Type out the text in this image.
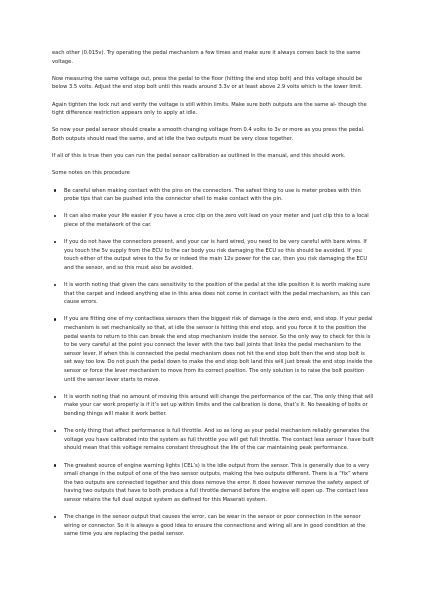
each other (0.015v). Try operating the pedal mechanism a few times and make sure it always comes back to the same voltage.

Now measuring the same voltage out, press the pedal to the floor (hitting the end stop bolt) and this voltage should be below 3.5 volts. Adjust the end stop bolt until this reads around 3.3v or at least above 2.9 volts which is the lower limit.

Again tighten the lock nut and verify the voltage is still within limits. Make sure both outputs are the same al- though the tight difference restriction appears only to apply at idle.

So now your pedal sensor should create a smooth changing voltage from 0.4 volts to 3v or more as you press the pedal. Both outputs should read the same, and at idle the two outputs must be very close together.

If all of this is true then you can run the pedal sensor calibration as outlined in the manual, and this should work.

Some notes on this procedure

Be careful when making contact with the pins on the connectors. The safest thing to use is meter probes with thin probe tips that can be pushed into the connector shell to make contact with the pin.

It can also make your life easier if you have a croc clip on the zero volt lead on your meter and just clip this to a local piece of the metalwork of the car.

If you do not have the connectors present, and your car is hard wired, you need to be very careful with bare wires. If you touch the 5v supply from the ECU to the car body you risk damaging the ECU so this should be avoided. If you touch either of the output wires to the 5v or indeed the main 12v power for the car, then you risk damaging the ECU and the sensor, and so this must also be avoided.

It is worth noting that given the cars sensitivity to the position of the pedal at the idle position it is worth making sure that the carpet and indeed anything else in this area does not come in contact with the pedal mechanism, as this can cause errors.

If you are fitting one of my contactless sensors then the biggest risk of damage is the zero end, end stop. If your pedal mechanism is set mechanically so that, at idle the sensor is hitting this end stop, and you force it to the position the pedal wants to return to this can break the end stop mechanism inside the sensor. So the only way to check for this is to be very careful at the point you connect the lever with the two ball joints that links the pedal mechanism to the sensor lever. If when this is connected the pedal mechanism does not hit the end stop bolt then the end stop bolt is set way too low. Do not push the pedal down to make the end stop bolt land this will just break the end stop inside the sensor or force the lever mechanism to move from its correct position. The only solution is to raise the bolt position until the sensor lever starts to move.

It is worth noting that no amount of moving this around will change the performance of the car. The only thing that will make your car work properly is if it’s set up within limits and the calibration is done, that’s it. No tweaking of bolts or bending things will make it work better.

The only thing that affect performance is full throttle. And so as long as your pedal mechanism reliably generates the voltage you have calibrated into the system as full throttle you will get full throttle. The contact less sensor I have built should mean that this voltage remains constant throughout the life of the car maintaining peak performance.

The greatest source of engine warning lights (CEL’s) is the idle output from the sensor. This is generally due to a very small change in the output of one of the two sensor outputs, making the two outputs different. There is a “fix” where the two outputs are connected together and this does remove the error. It does however remove the safety aspect of having two outputs that have to both produce a full throttle demand before the engine will open up. The contact less sensor retains the full dual output system as defined for this Maserati system.

The change in the sensor output that causes the error, can be wear in the sensor or poor connection in the sensor wiring or connector. So it is always a good idea to ensure the connections and wiring all are in good condition at the same time you are replacing the pedal sensor.
